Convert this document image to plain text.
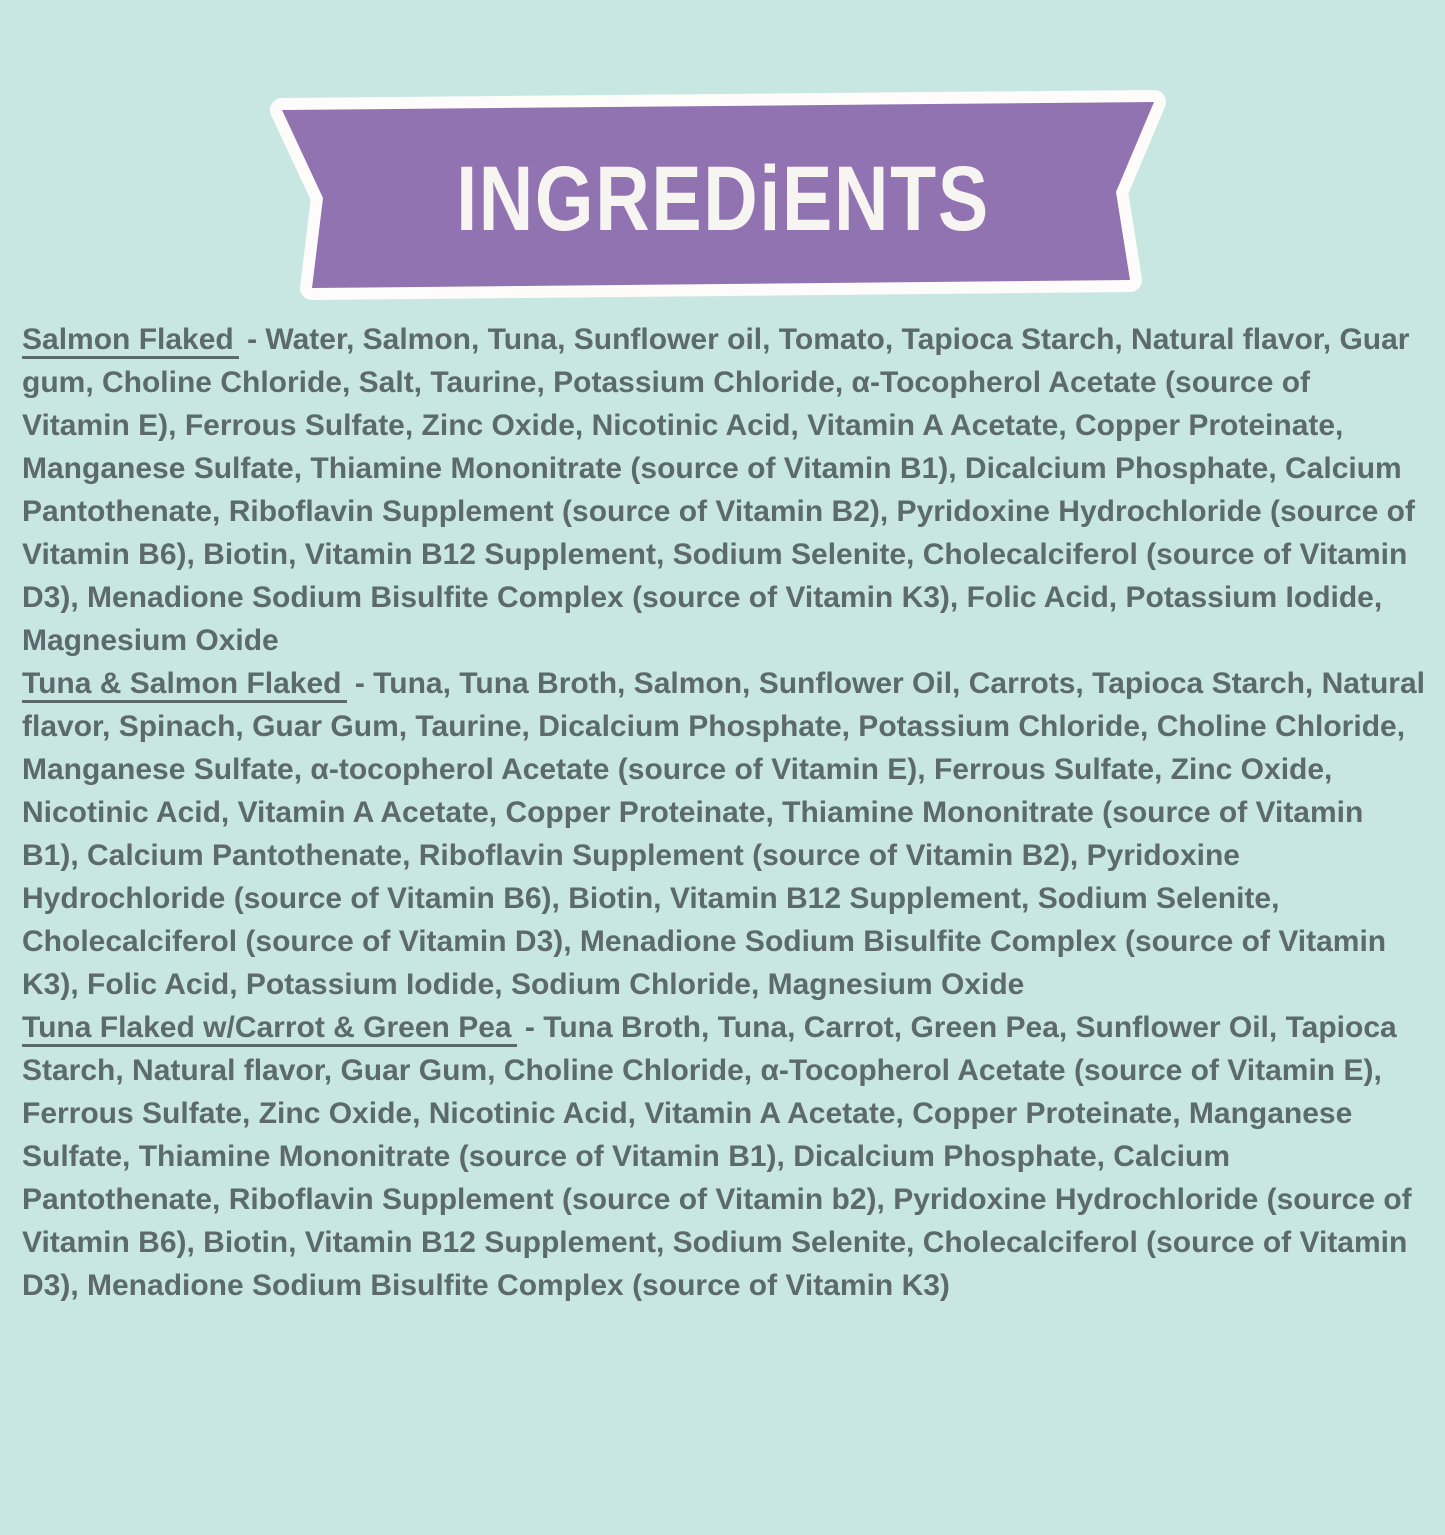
INGREDiENTS

Salmon Flaked - Water, Salmon, Tuna, Sunflower oil, Tomato, Tapioca Starch, Natural flavor, Guar gum, Choline Chloride, Salt, Taurine, Potassium Chloride, α-Tocopherol Acetate (source of Vitamin E), Ferrous Sulfate, Zinc Oxide, Nicotinic Acid, Vitamin A Acetate, Copper Proteinate, Manganese Sulfate, Thiamine Mononitrate (source of Vitamin B1), Dicalcium Phosphate, Calcium Pantothenate, Riboflavin Supplement (source of Vitamin B2), Pyridoxine Hydrochloride (source of Vitamin B6), Biotin, Vitamin B12 Supplement, Sodium Selenite, Cholecalciferol (source of Vitamin D3), Menadione Sodium Bisulfite Complex (source of Vitamin K3), Folic Acid, Potassium Iodide, Magnesium Oxide

Tuna & Salmon Flaked - Tuna, Tuna Broth, Salmon, Sunflower Oil, Carrots, Tapioca Starch, Natural flavor, Spinach, Guar Gum, Taurine, Dicalcium Phosphate, Potassium Chloride, Choline Chloride, Manganese Sulfate, α-tocopherol Acetate (source of Vitamin E), Ferrous Sulfate, Zinc Oxide, Nicotinic Acid, Vitamin A Acetate, Copper Proteinate, Thiamine Mononitrate (source of Vitamin B1), Calcium Pantothenate, Riboflavin Supplement (source of Vitamin B2), Pyridoxine Hydrochloride (source of Vitamin B6), Biotin, Vitamin B12 Supplement, Sodium Selenite, Cholecalciferol (source of Vitamin D3), Menadione Sodium Bisulfite Complex (source of Vitamin K3), Folic Acid, Potassium Iodide, Sodium Chloride, Magnesium Oxide

Tuna Flaked w/Carrot & Green Pea - Tuna Broth, Tuna, Carrot, Green Pea, Sunflower Oil, Tapioca Starch, Natural flavor, Guar Gum, Choline Chloride, α-Tocopherol Acetate (source of Vitamin E), Ferrous Sulfate, Zinc Oxide, Nicotinic Acid, Vitamin A Acetate, Copper Proteinate, Manganese Sulfate, Thiamine Mononitrate (source of Vitamin B1), Dicalcium Phosphate, Calcium Pantothenate, Riboflavin Supplement (source of Vitamin b2), Pyridoxine Hydrochloride (source of Vitamin B6), Biotin, Vitamin B12 Supplement, Sodium Selenite, Cholecalciferol (source of Vitamin D3), Menadione Sodium Bisulfite Complex (source of Vitamin K3)
